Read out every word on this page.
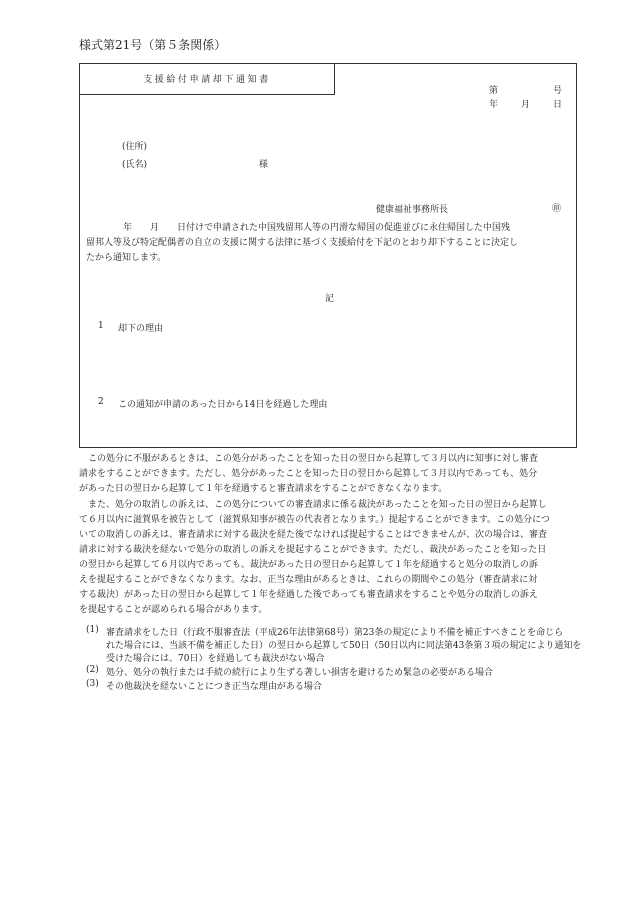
様式第21号（第５条関係）
支援給付申請却下通知書
第	号
年	月	日
(住所)
(氏名)	様
健康福祉事務所長	㊞
年　　月　　日付けで申請された中国残留邦人等の円滑な帰国の促進並びに永住帰国した中国残
留邦人等及び特定配偶者の自立の支援に関する法律に基づく支援給付を下記のとおり却下することに決定し
たから通知します。
記
1 却下の理由
2 この通知が申請のあった日から14日を経過した理由
　この処分に不服があるときは、この処分があったことを知った日の翌日から起算して３月以内に知事に対し審査
請求をすることができます。ただし、処分があったことを知った日の翌日から起算して３月以内であっても、処分
があった日の翌日から起算して１年を経過すると審査請求をすることができなくなります。
　また、処分の取消しの訴えは、この処分についての審査請求に係る裁決があったことを知った日の翌日から起算し
て６月以内に滋賀県を被告として（滋賀県知事が被告の代表者となります。）提起することができます。この処分につ
いての取消しの訴えは、審査請求に対する裁決を経た後でなければ提起することはできませんが、次の場合は、審査
請求に対する裁決を経ないで処分の取消しの訴えを提起することができます。ただし、裁決があったことを知った日
の翌日から起算して６月以内であっても、裁決があった日の翌日から起算して１年を経過すると処分の取消しの訴
えを提起することができなくなります。なお、正当な理由があるときは、これらの期間やこの処分（審査請求に対
する裁決）があった日の翌日から起算して１年を経過した後であっても審査請求をすることや処分の取消しの訴え
を提起することが認められる場合があります。
(1) 審査請求をした日（行政不服審査法（平成26年法律第68号）第23条の規定により不備を補正すべきことを命じら
れた場合には、当該不備を補正した日）の翌日から起算して50日（50日以内に同法第43条第３項の規定により通知を
受けた場合には、70日）を経過しても裁決がない場合
(2) 処分、処分の執行または手続の続行により生ずる著しい損害を避けるため緊急の必要がある場合
(3) その他裁決を経ないことにつき正当な理由がある場合
